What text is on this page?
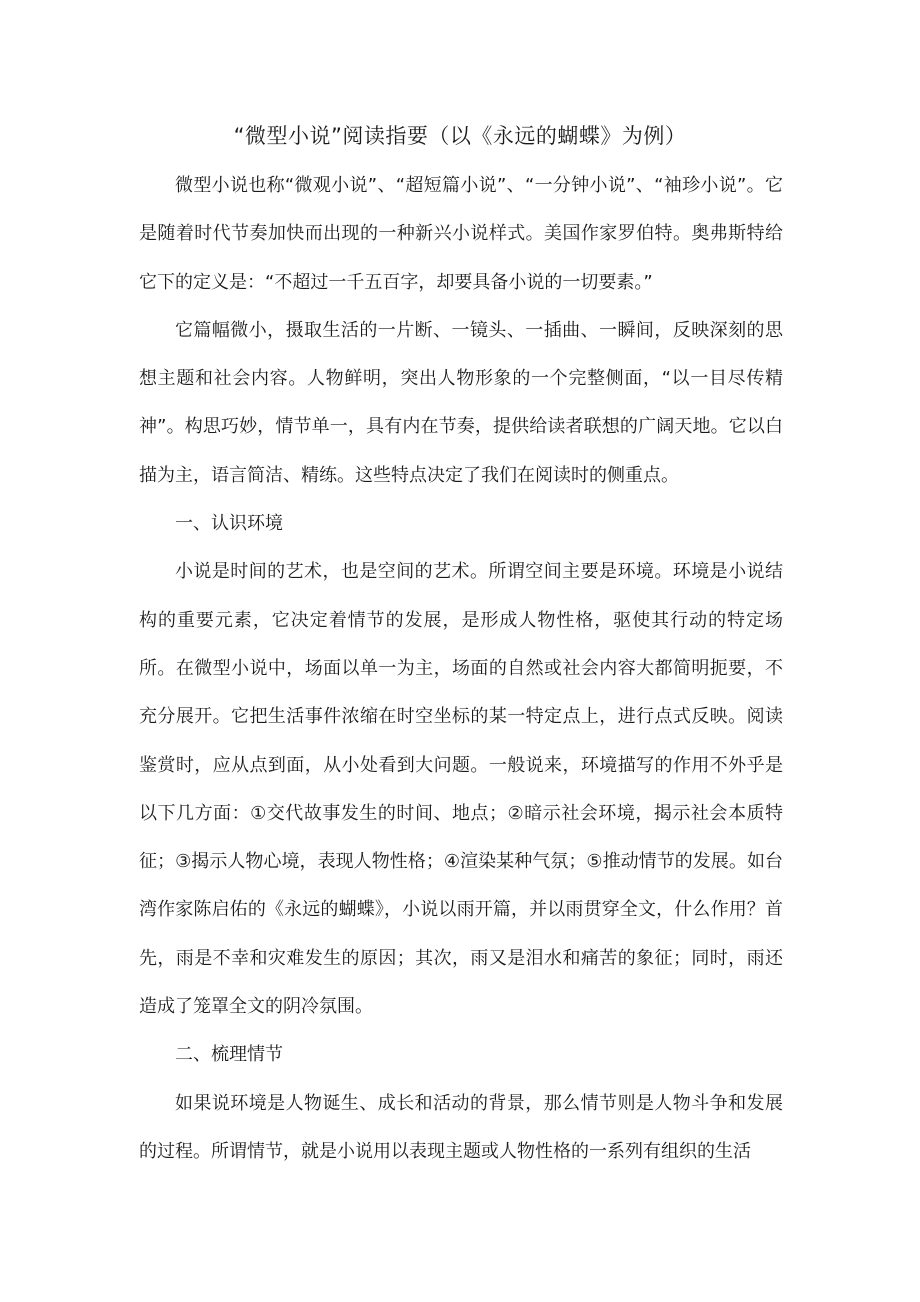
“微型小说”阅读指要（以《永远的蝴蝶》为例）

微型小说也称“微观小说”、“超短篇小说”、“一分钟小说”、“袖珍小说”。它是随着时代节奏加快而出现的一种新兴小说样式。美国作家罗伯特。奥弗斯特给它下的定义是：“不超过一千五百字，却要具备小说的一切要素。”

它篇幅微小，摄取生活的一片断、一镜头、一插曲、一瞬间，反映深刻的思想主题和社会内容。人物鲜明，突出人物形象的一个完整侧面，“以一目尽传精神”。构思巧妙，情节单一，具有内在节奏，提供给读者联想的广阔天地。它以白描为主，语言简洁、精练。这些特点决定了我们在阅读时的侧重点。

一、认识环境

小说是时间的艺术，也是空间的艺术。所谓空间主要是环境。环境是小说结构的重要元素，它决定着情节的发展，是形成人物性格，驱使其行动的特定场所。在微型小说中，场面以单一为主，场面的自然或社会内容大都简明扼要，不充分展开。它把生活事件浓缩在时空坐标的某一特定点上，进行点式反映。阅读鉴赏时，应从点到面，从小处看到大问题。一般说来，环境描写的作用不外乎是以下几方面：①交代故事发生的时间、地点；②暗示社会环境，揭示社会本质特征；③揭示人物心境，表现人物性格；④渲染某种气氛；⑤推动情节的发展。如台湾作家陈启佑的《永远的蝴蝶》，小说以雨开篇，并以雨贯穿全文，什么作用？首先，雨是不幸和灾难发生的原因；其次，雨又是泪水和痛苦的象征；同时，雨还造成了笼罩全文的阴冷氛围。

二、梳理情节

如果说环境是人物诞生、成长和活动的背景，那么情节则是人物斗争和发展的过程。所谓情节，就是小说用以表现主题或人物性格的一系列有组织的生活
